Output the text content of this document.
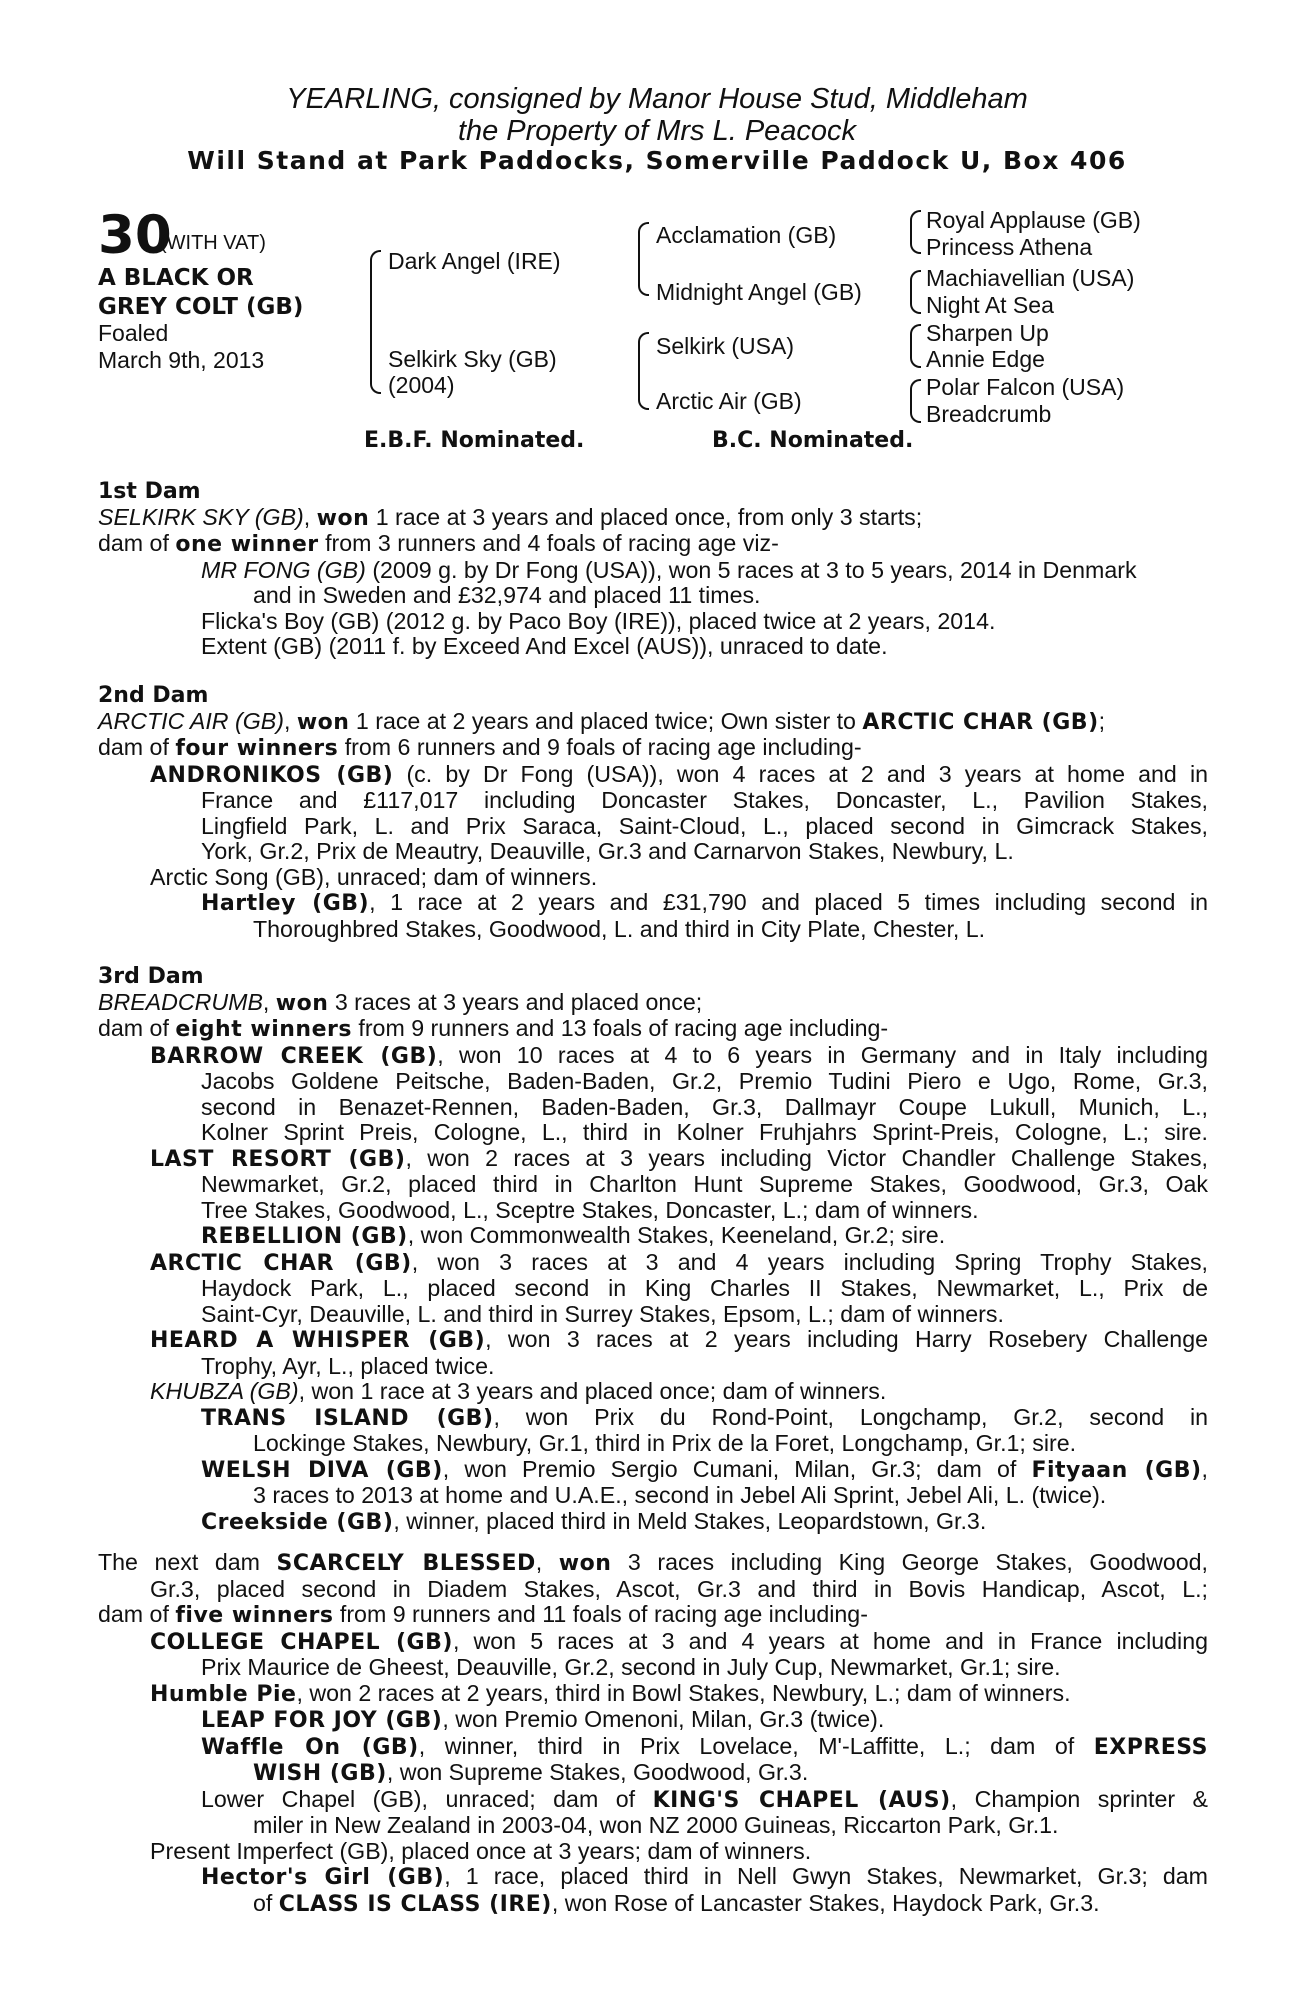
YEARLING, consigned by Manor House Stud, Middleham
the Property of Mrs L. Peacock
Will Stand at Park Paddocks, Somerville Paddock U, Box 406
30
(WITH VAT)
A BLACK OR
GREY COLT (GB)
Foaled
March 9th, 2013
Dark Angel (IRE)
Selkirk Sky (GB)
(2004)
Acclamation (GB)
Midnight Angel (GB)
Selkirk (USA)
Arctic Air (GB)
Royal Applause (GB)
Princess Athena
Machiavellian (USA)
Night At Sea
Sharpen Up
Annie Edge
Polar Falcon (USA)
Breadcrumb
E.B.F. Nominated.	B.C. Nominated.
1st Dam
SELKIRK SKY (GB), won 1 race at 3 years and placed once, from only 3 starts;
dam of one winner from 3 runners and 4 foals of racing age viz-
MR FONG (GB) (2009 g. by Dr Fong (USA)), won 5 races at 3 to 5 years, 2014 in Denmark
and in Sweden and £32,974 and placed 11 times.
Flicka's Boy (GB) (2012 g. by Paco Boy (IRE)), placed twice at 2 years, 2014.
Extent (GB) (2011 f. by Exceed And Excel (AUS)), unraced to date.
2nd Dam
ARCTIC AIR (GB), won 1 race at 2 years and placed twice; Own sister to ARCTIC CHAR (GB);
dam of four winners from 6 runners and 9 foals of racing age including-
ANDRONIKOS (GB) (c. by Dr Fong (USA)), won 4 races at 2 and 3 years at home and in
France and £117,017 including Doncaster Stakes, Doncaster, L., Pavilion Stakes,
Lingfield Park, L. and Prix Saraca, Saint-Cloud, L., placed second in Gimcrack Stakes,
York, Gr.2, Prix de Meautry, Deauville, Gr.3 and Carnarvon Stakes, Newbury, L.
Arctic Song (GB), unraced; dam of winners.
Hartley (GB), 1 race at 2 years and £31,790 and placed 5 times including second in
Thoroughbred Stakes, Goodwood, L. and third in City Plate, Chester, L.
3rd Dam
BREADCRUMB, won 3 races at 3 years and placed once;
dam of eight winners from 9 runners and 13 foals of racing age including-
BARROW CREEK (GB), won 10 races at 4 to 6 years in Germany and in Italy including
Jacobs Goldene Peitsche, Baden-Baden, Gr.2, Premio Tudini Piero e Ugo, Rome, Gr.3,
second in Benazet-Rennen, Baden-Baden, Gr.3, Dallmayr Coupe Lukull, Munich, L.,
Kolner Sprint Preis, Cologne, L., third in Kolner Fruhjahrs Sprint-Preis, Cologne, L.; sire.
LAST RESORT (GB), won 2 races at 3 years including Victor Chandler Challenge Stakes,
Newmarket, Gr.2, placed third in Charlton Hunt Supreme Stakes, Goodwood, Gr.3, Oak
Tree Stakes, Goodwood, L., Sceptre Stakes, Doncaster, L.; dam of winners.
REBELLION (GB), won Commonwealth Stakes, Keeneland, Gr.2; sire.
ARCTIC CHAR (GB), won 3 races at 3 and 4 years including Spring Trophy Stakes,
Haydock Park, L., placed second in King Charles II Stakes, Newmarket, L., Prix de
Saint-Cyr, Deauville, L. and third in Surrey Stakes, Epsom, L.; dam of winners.
HEARD A WHISPER (GB), won 3 races at 2 years including Harry Rosebery Challenge
Trophy, Ayr, L., placed twice.
KHUBZA (GB), won 1 race at 3 years and placed once; dam of winners.
TRANS ISLAND (GB), won Prix du Rond-Point, Longchamp, Gr.2, second in
Lockinge Stakes, Newbury, Gr.1, third in Prix de la Foret, Longchamp, Gr.1; sire.
WELSH DIVA (GB), won Premio Sergio Cumani, Milan, Gr.3; dam of Fityaan (GB),
3 races to 2013 at home and U.A.E., second in Jebel Ali Sprint, Jebel Ali, L. (twice).
Creekside (GB), winner, placed third in Meld Stakes, Leopardstown, Gr.3.
The next dam SCARCELY BLESSED, won 3 races including King George Stakes, Goodwood,
Gr.3, placed second in Diadem Stakes, Ascot, Gr.3 and third in Bovis Handicap, Ascot, L.;
dam of five winners from 9 runners and 11 foals of racing age including-
COLLEGE CHAPEL (GB), won 5 races at 3 and 4 years at home and in France including
Prix Maurice de Gheest, Deauville, Gr.2, second in July Cup, Newmarket, Gr.1; sire.
Humble Pie, won 2 races at 2 years, third in Bowl Stakes, Newbury, L.; dam of winners.
LEAP FOR JOY (GB), won Premio Omenoni, Milan, Gr.3 (twice).
Waffle On (GB), winner, third in Prix Lovelace, M'-Laffitte, L.; dam of EXPRESS
WISH (GB), won Supreme Stakes, Goodwood, Gr.3.
Lower Chapel (GB), unraced; dam of KING'S CHAPEL (AUS), Champion sprinter &
miler in New Zealand in 2003-04, won NZ 2000 Guineas, Riccarton Park, Gr.1.
Present Imperfect (GB), placed once at 3 years; dam of winners.
Hector's Girl (GB), 1 race, placed third in Nell Gwyn Stakes, Newmarket, Gr.3; dam
of CLASS IS CLASS (IRE), won Rose of Lancaster Stakes, Haydock Park, Gr.3.
